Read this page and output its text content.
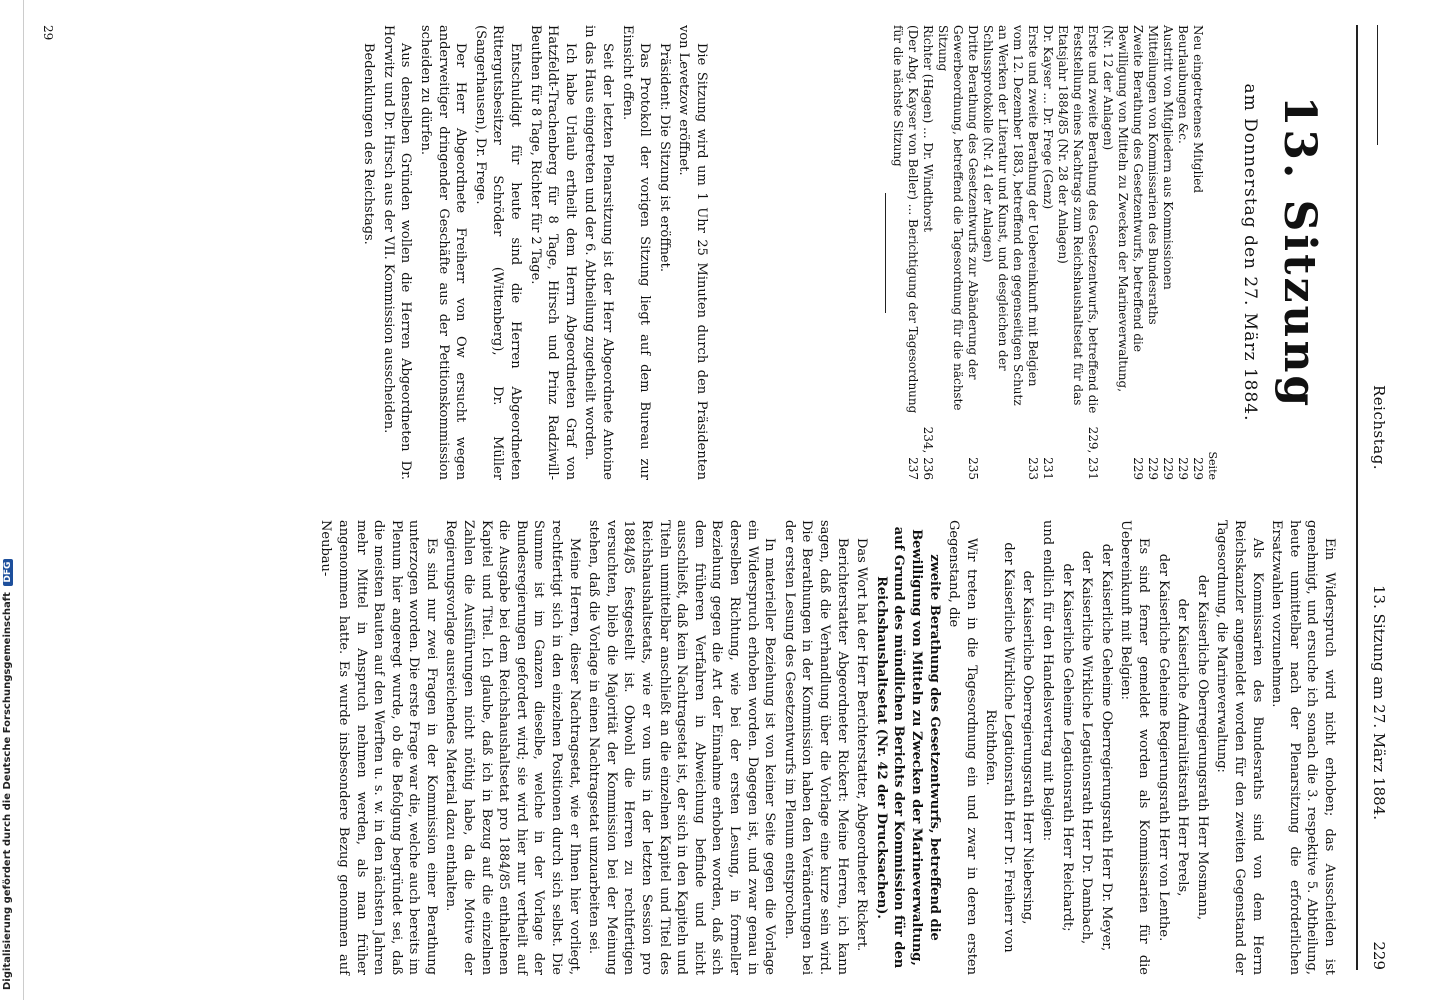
Digitalisierung gefördert durch die Deutsche Forschungsgemeinschaft DFG
Reichstag.
13. Sitzung am 27. März 1884.
229
13. Sitzung
am Donnerstag den 27. März 1884.
Seite
Neu eingetretenes Mitglied
229
Beurlaubungen &c.
229
Austritt von Mitgliedern aus Kommissionen
229
Mitteilungen von Kommissarien des Bundesraths
229
Zweite Berathung des Gesetzentwurfs, betreffend die Bewilligung von Mitteln zu Zwecken der Marineverwaltung, (Nr. 12 der Anlagen)
229
Erste und zweite Berathung des Gesetzentwurfs, betreffend die Feststellung eines Nachtrags zum Reichshaushaltsetat für das Etatsjahr 1884/85 (Nr. 28 der Anlagen)
229, 231
Dr. Kayser ... Dr. Frege (Genz)
231
Erste und zweite Berathung der Uebereinkunft mit Belgien vom 12. Dezember 1883, betreffend den gegenseitigen Schutz an Werken der Literatur und Kunst, und desgleichen der Schlussprotokolle (Nr. 41 der Anlagen)
233
Dritte Berathung des Gesetzentwurfs zur Abänderung der Gewerbeordnung, betreffend die Tagesordnung für die nächste Sitzung
235
Richter (Hagen) ... Dr. Windthorst
234, 236
(Der Abg. Kayser von Beller) ... Berichtigung der Tagesordnung für die nächste Sitzung
237

Die Sitzung wird um 1 Uhr 25 Minuten durch den Präsidenten von Levetzow eröffnet.

Präsident: Die Sitzung ist eröffnet.

Das Protokoll der vorigen Sitzung liegt auf dem Bureau zur Einsicht offen.

Seit der letzten Plenarsitzung ist der Herr Abgeordnete Antoine in das Haus eingetreten und der 6. Abtheilung zugetheilt worden.

Ich habe Urlaub ertheilt dem Herrn Abgeordneten Graf von Hatzfeldt-Trachenberg für 8 Tage, Hirsch und Prinz Radziwill-Beuthen für 8 Tage, Richter für 2 Tage.

Entschuldigt für heute sind die Herren Abgeordneten Rittergutsbesitzer Schröder (Wittenberg), Dr. Müller (Sangerhausen), Dr. Frege.

Der Herr Abgeordnete Freiherr von Ow ersucht wegen anderweitiger dringender Geschäfte aus der Petitionskommission scheiden zu dürfen.

Aus denselben Gründen wollen die Herren Abgeordneten Dr. Horwitz und Dr. Hirsch aus der VII. Kommission ausscheiden.

Bedenklungen des Reichstags.

Ein Widerspruch wird nicht erhoben; das Ausscheiden ist genehmigt, und ersuche ich sonach die 3. respektive 5. Abtheilung, heute unmittelbar nach der Plenarsitzung die erforderlichen Ersatzwahlen vorzunehmen.

Als Kommissarien des Bundesraths sind von dem Herrn Reichskanzler angemeldet worden für den zweiten Gegenstand der Tagesordnung, die Marineverwaltung:

der Kaiserliche Oberregierungsrath Herr Mosmann,

der Kaiserliche Admiralitätsrath Herr Perels,

der Kaiserliche Geheime Regierungsrath Herr von Lenthe.

Es sind ferner gemeldet worden als Kommissarien für die Uebereinkunft mit Belgien:

der Kaiserliche Geheime Oberregierungsrath Herr Dr. Meyer,

der Kaiserliche Wirkliche Legationsrath Herr Dr. Dambach,

der Kaiserliche Geheime Legationsrath Herr Reichardt;

und endlich für den Handelsvertrag mit Belgien:

der Kaiserliche Oberregierungsrath Herr Niebersing,

der Kaiserliche Wirkliche Legationsrath Herr Dr. Freiherr von Richthofen.

Wir treten in die Tagesordnung ein und zwar in deren ersten Gegenstand, die

zweite Berathung des Gesetzentwurfs, betreffend die Bewilligung von Mitteln zu Zwecken der Marineverwaltung, auf Grund des mündlichen Berichts der Kommission für den Reichshaushaltsetat (Nr. 42 der Drucksachen).

Das Wort hat der Herr Berichterstatter, Abgeordneter Rickert.

Berichterstatter Abgeordneter Rickert: Meine Herren, ich kann sagen, daß die Verhandlung über die Vorlage eine kurze sein wird. Die Berathungen in der Kommission haben den Veränderungen bei der ersten Lesung des Gesetzentwurfs im Plenum entsprochen.

In materieller Beziehung ist von keiner Seite gegen die Vorlage ein Widerspruch erhoben worden. Dagegen ist, und zwar genau in derselben Richtung, wie bei der ersten Lesung, in formeller Beziehung gegen die Art der Einnahme erhoben worden, daß sich dem früheren Verfahren in Abweichung befinde und nicht ausschließt, daß kein Nachtragsetat ist, der sich in den Kapiteln und Titeln unmittelbar anschließt an die einzelnen Kapitel und Titel des Reichshaushaltsetats, wie er von uns in der letzten Session pro 1884/85 festgestellt ist. Obwohl die Herren zu rechtfertigen versuchten, blieb die Majorität der Kommission bei der Meinung stehen, daß die Vorlage in einen Nachtragsetat umzuarbeiten sei.

Meine Herren, dieser Nachtragsetat, wie er Ihnen hier vorliegt, rechtfertigt sich in den einzelnen Positionen durch sich selbst. Die Summe ist im Ganzen dieselbe, welche in der Vorlage der Bundesregierungen gefordert wird; sie wird hier nur vertheilt auf die Ausgabe bei dem Reichshaushaltsetat pro 1884/85 enthaltenen Kapitel und Titel. Ich glaube, daß ich in Bezug auf die einzelnen Zahlen die Ausführungen nicht nöthig habe, da die Motive der Regierungsvorlage ausreichendes Material dazu enthalten.

Es sind nur zwei Fragen in der Kommission einer Berathung unterzogen worden. Die erste Frage war die, welche auch bereits im Plenum hier angeregt wurde, ob die Befolgung begründet sei, daß die meisten Bauten auf den Werften u. s. w. in den nächsten Jahren mehr Mittel in Anspruch nehmen werden, als man früher angenommen hatte. Es wurde insbesondere Bezug genommen auf Neubau-

29
